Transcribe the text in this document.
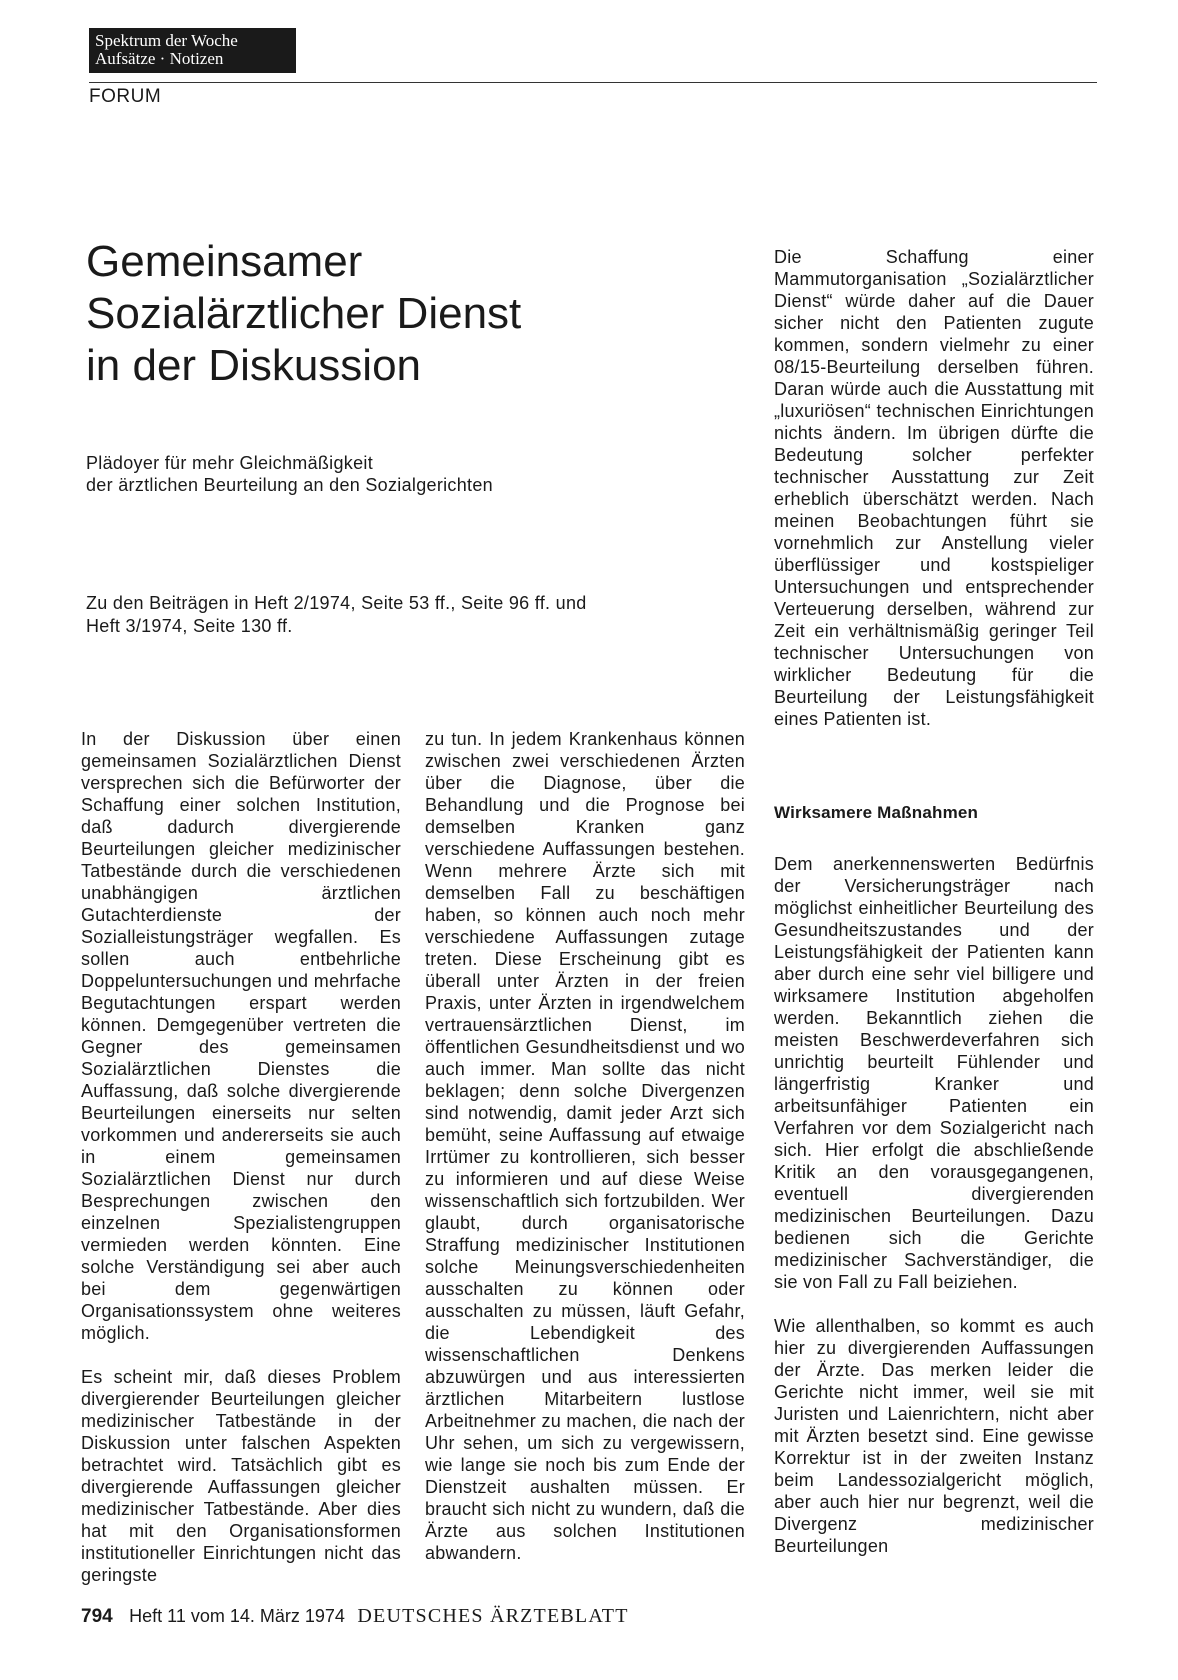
Spektrum der Woche
Aufsätze · Notizen
FORUM
Gemeinsamer
Sozialärztlicher Dienst
in der Diskussion
Plädoyer für mehr Gleichmäßigkeit
der ärztlichen Beurteilung an den Sozialgerichten
Zu den Beiträgen in Heft 2/1974, Seite 53 ff., Seite 96 ff. und
Heft 3/1974, Seite 130 ff.

In der Diskussion über einen gemeinsamen Sozialärztlichen Dienst versprechen sich die Befürworter der Schaffung einer solchen Institution, daß dadurch divergierende Beurteilungen gleicher medizinischer Tatbestände durch die verschiedenen unabhängigen ärztlichen Gutachterdienste der Sozialleistungsträger wegfallen. Es sollen auch entbehrliche Doppeluntersuchungen und mehrfache Begutachtungen erspart werden können. Demgegenüber vertreten die Gegner des gemeinsamen Sozialärztlichen Dienstes die Auffassung, daß solche divergierende Beurteilungen einerseits nur selten vorkommen und andererseits sie auch in einem gemeinsamen Sozialärztlichen Dienst nur durch Besprechungen zwischen den einzelnen Spezialistengruppen vermieden werden könnten. Eine solche Verständigung sei aber auch bei dem gegenwärtigen Organisationssystem ohne weiteres möglich.

Es scheint mir, daß dieses Problem divergierender Beurteilungen gleicher medizinischer Tatbestände in der Diskussion unter falschen Aspekten betrachtet wird. Tatsächlich gibt es divergierende Auffassungen gleicher medizinischer Tatbestände. Aber dies hat mit den Organisationsformen institutioneller Einrichtungen nicht das geringste

zu tun. In jedem Krankenhaus können zwischen zwei verschiedenen Ärzten über die Diagnose, über die Behandlung und die Prognose bei demselben Kranken ganz verschiedene Auffassungen bestehen. Wenn mehrere Ärzte sich mit demselben Fall zu beschäftigen haben, so können auch noch mehr verschiedene Auffassungen zutage treten. Diese Erscheinung gibt es überall unter Ärzten in der freien Praxis, unter Ärzten in irgendwelchem vertrauensärztlichen Dienst, im öffentlichen Gesundheitsdienst und wo auch immer. Man sollte das nicht beklagen; denn solche Divergenzen sind notwendig, damit jeder Arzt sich bemüht, seine Auffassung auf etwaige Irrtümer zu kontrollieren, sich besser zu informieren und auf diese Weise wissenschaftlich sich fortzubilden. Wer glaubt, durch organisatorische Straffung medizinischer Institutionen solche Meinungsverschiedenheiten ausschalten zu können oder ausschalten zu müssen, läuft Gefahr, die Lebendigkeit des wissenschaftlichen Denkens abzuwürgen und aus interessierten ärztlichen Mitarbeitern lustlose Arbeitnehmer zu machen, die nach der Uhr sehen, um sich zu vergewissern, wie lange sie noch bis zum Ende der Dienstzeit aushalten müssen. Er braucht sich nicht zu wundern, daß die Ärzte aus solchen Institutionen abwandern.

Die Schaffung einer Mammutorganisation „Sozialärztlicher Dienst“ würde daher auf die Dauer sicher nicht den Patienten zugute kommen, sondern vielmehr zu einer 08/15-Beurteilung derselben führen. Daran würde auch die Ausstattung mit „luxuriösen“ technischen Einrichtungen nichts ändern. Im übrigen dürfte die Bedeutung solcher perfekter technischer Ausstattung zur Zeit erheblich überschätzt werden. Nach meinen Beobachtungen führt sie vornehmlich zur Anstellung vieler überflüssiger und kostspieliger Untersuchungen und entsprechender Verteuerung derselben, während zur Zeit ein verhältnismäßig geringer Teil technischer Untersuchungen von wirklicher Bedeutung für die Beurteilung der Leistungsfähigkeit eines Patienten ist.

Wirksamere Maßnahmen

Dem anerkennenswerten Bedürfnis der Versicherungsträger nach möglichst einheitlicher Beurteilung des Gesundheitszustandes und der Leistungsfähigkeit der Patienten kann aber durch eine sehr viel billigere und wirksamere Institution abgeholfen werden. Bekanntlich ziehen die meisten Beschwerdeverfahren sich unrichtig beurteilt Fühlender und längerfristig Kranker und arbeitsunfähiger Patienten ein Verfahren vor dem Sozialgericht nach sich. Hier erfolgt die abschließende Kritik an den vorausgegangenen, eventuell divergierenden medizinischen Beurteilungen. Dazu bedienen sich die Gerichte medizinischer Sachverständiger, die sie von Fall zu Fall beiziehen.

Wie allenthalben, so kommt es auch hier zu divergierenden Auffassungen der Ärzte. Das merken leider die Gerichte nicht immer, weil sie mit Juristen und Laienrichtern, nicht aber mit Ärzten besetzt sind. Eine gewisse Korrektur ist in der zweiten Instanz beim Landessozialgericht möglich, aber auch hier nur begrenzt, weil die Divergenz medizinischer Beurteilungen

794 Heft 11 vom 14. März 1974 DEUTSCHES ÄRZTEBLATT
